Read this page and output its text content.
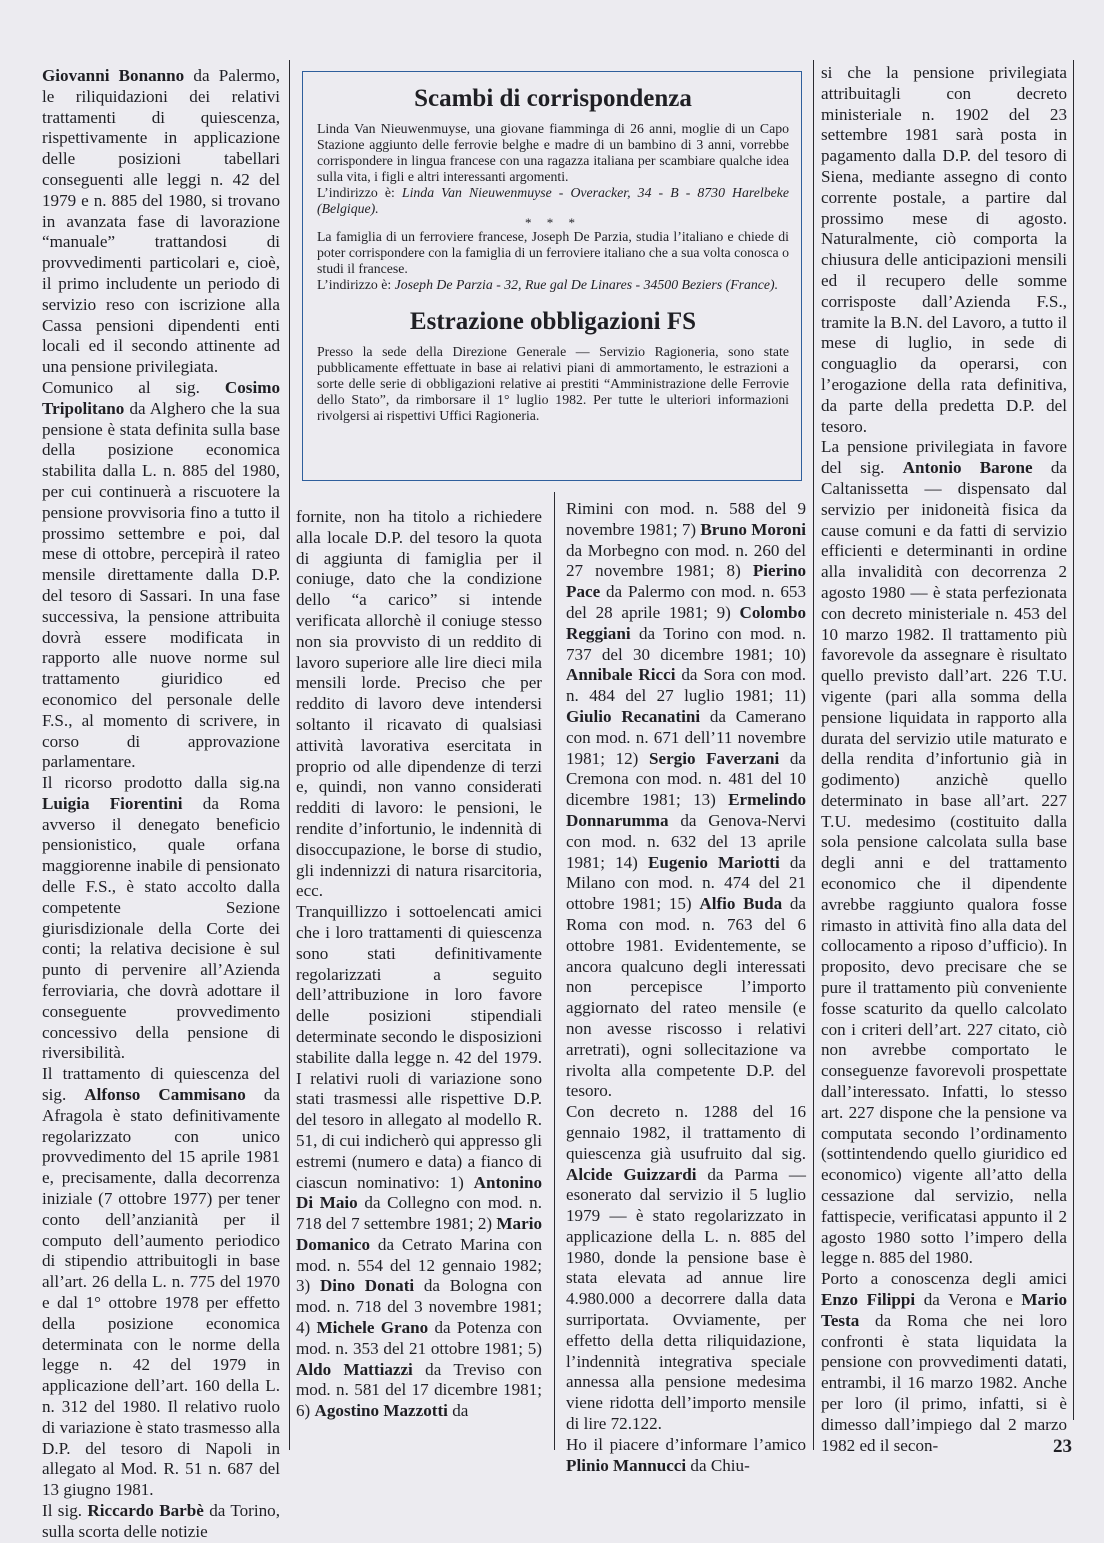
Giovanni Bonanno da Palermo, le riliquidazioni dei relativi trattamenti di quiescenza, rispettivamente in applicazione delle posizioni tabellari conseguenti alle leggi n. 42 del 1979 e n. 885 del 1980, si trovano in avanzata fase di lavorazione “manuale” trattandosi di provvedimenti particolari e, cioè, il primo includente un periodo di servizio reso con iscrizione alla Cassa pensioni dipendenti enti locali ed il secondo attinente ad una pensione privilegiata.

Comunico al sig. Cosimo Tripolitano da Alghero che la sua pensione è stata definita sulla base della posizione economica stabilita dalla L. n. 885 del 1980, per cui continuerà a riscuotere la pensione provvisoria fino a tutto il prossimo settembre e poi, dal mese di ottobre, percepirà il rateo mensile direttamente dalla D.P. del tesoro di Sassari. In una fase successiva, la pensione attribuita dovrà essere modificata in rapporto alle nuove norme sul trattamento giuridico ed economico del personale delle F.S., al momento di scrivere, in corso di approvazione parlamentare.

Il ricorso prodotto dalla sig.na Luigia Fiorentini da Roma avverso il denegato beneficio pensionistico, quale orfana maggiorenne inabile di pensionato delle F.S., è stato accolto dalla competente Sezione giurisdizionale della Corte dei conti; la relativa decisione è sul punto di pervenire all’Azienda ferroviaria, che dovrà adottare il conseguente provvedimento concessivo della pensione di riversibilità.

Il trattamento di quiescenza del sig. Alfonso Cammisano da Afragola è stato definitivamente regolarizzato con unico provvedimento del 15 aprile 1981 e, precisamente, dalla decorrenza iniziale (7 ottobre 1977) per tener conto dell’anzianità per il computo dell’aumento periodico di stipendio attribuitogli in base all’art. 26 della L. n. 775 del 1970 e dal 1° ottobre 1978 per effetto della posizione economica determinata con le norme della legge n. 42 del 1979 in applicazione dell’art. 160 della L. n. 312 del 1980. Il relativo ruolo di variazione è stato trasmesso alla D.P. del tesoro di Napoli in allegato al Mod. R. 51 n. 687 del 13 giugno 1981.

Il sig. Riccardo Barbè da Torino, sulla scorta delle notizie

Scambi di corrispondenza

Linda Van Nieuwenmuyse, una giovane fiamminga di 26 anni, moglie di un Capo Stazione aggiunto delle ferrovie belghe e madre di un bambino di 3 anni, vorrebbe corrispondere in lingua francese con una ragazza italiana per scambiare qualche idea sulla vita, i figli e altri interessanti argomenti.

L’indirizzo è: Linda Van Nieuwenmuyse - Overacker, 34 - B - 8730 Harelbeke (Belgique).

* * *

La famiglia di un ferroviere francese, Joseph De Parzia, studia l’italiano e chiede di poter corrispondere con la famiglia di un ferroviere italiano che a sua volta conosca o studi il francese.

L’indirizzo è: Joseph De Parzia - 32, Rue gal De Linares - 34500 Beziers (France).

Estrazione obbligazioni FS

Presso la sede della Direzione Generale — Servizio Ragioneria, sono state pubblicamente effettuate in base ai relativi piani di ammortamento, le estrazioni a sorte delle serie di obbligazioni relative ai prestiti “Amministrazione delle Ferrovie dello Stato”, da rimborsare il 1° luglio 1982. Per tutte le ulteriori informazioni rivolgersi ai rispettivi Uffici Ragioneria.

fornite, non ha titolo a richiedere alla locale D.P. del tesoro la quota di aggiunta di famiglia per il coniuge, dato che la condizione dello “a carico” si intende verificata allorchè il coniuge stesso non sia provvisto di un reddito di lavoro superiore alle lire dieci mila mensili lorde. Preciso che per reddito di lavoro deve intendersi soltanto il ricavato di qualsiasi attività lavorativa esercitata in proprio od alle dipendenze di terzi e, quindi, non vanno considerati redditi di lavoro: le pensioni, le rendite d’infortunio, le indennità di disoccupazione, le borse di studio, gli indennizzi di natura risarcitoria, ecc.

Tranquillizzo i sottoelencati amici che i loro trattamenti di quiescenza sono stati definitivamente regolarizzati a seguito dell’attribuzione in loro favore delle posizioni stipendiali determinate secondo le disposizioni stabilite dalla legge n. 42 del 1979. I relativi ruoli di variazione sono stati trasmessi alle rispettive D.P. del tesoro in allegato al modello R. 51, di cui indicherò qui appresso gli estremi (numero e data) a fianco di ciascun nominativo: 1) Antonino Di Maio da Collegno con mod. n. 718 del 7 settembre 1981; 2) Mario Domanico da Cetrato Marina con mod. n. 554 del 12 gennaio 1982; 3) Dino Donati da Bologna con mod. n. 718 del 3 novembre 1981; 4) Michele Grano da Potenza con mod. n. 353 del 21 ottobre 1981; 5) Aldo Mattiazzi da Treviso con mod. n. 581 del 17 dicembre 1981; 6) Agostino Mazzotti da

Rimini con mod. n. 588 del 9 novembre 1981; 7) Bruno Moroni da Morbegno con mod. n. 260 del 27 novembre 1981; 8) Pierino Pace da Palermo con mod. n. 653 del 28 aprile 1981; 9) Colombo Reggiani da Torino con mod. n. 737 del 30 dicembre 1981; 10) Annibale Ricci da Sora con mod. n. 484 del 27 luglio 1981; 11) Giulio Recanatini da Camerano con mod. n. 671 dell’11 novembre 1981; 12) Sergio Faverzani da Cremona con mod. n. 481 del 10 dicembre 1981; 13) Ermelindo Donnarumma da Genova-Nervi con mod. n. 632 del 13 aprile 1981; 14) Eugenio Mariotti da Milano con mod. n. 474 del 21 ottobre 1981; 15) Alfio Buda da Roma con mod. n. 763 del 6 ottobre 1981. Evidentemente, se ancora qualcuno degli interessati non percepisce l’importo aggiornato del rateo mensile (e non avesse riscosso i relativi arretrati), ogni sollecitazione va rivolta alla competente D.P. del tesoro.

Con decreto n. 1288 del 16 gennaio 1982, il trattamento di quiescenza già usufruito dal sig. Alcide Guizzardi da Parma — esonerato dal servizio il 5 luglio 1979 — è stato regolarizzato in applicazione della L. n. 885 del 1980, donde la pensione base è stata elevata ad annue lire 4.980.000 a decorrere dalla data surriportata. Ovviamente, per effetto della detta riliquidazione, l’indennità integrativa speciale annessa alla pensione medesima viene ridotta dell’importo mensile di lire 72.122.

Ho il piacere d’informare l’amico Plinio Mannucci da Chiu-

si che la pensione privilegiata attribuitagli con decreto ministeriale n. 1902 del 23 settembre 1981 sarà posta in pagamento dalla D.P. del tesoro di Siena, mediante assegno di conto corrente postale, a partire dal prossimo mese di agosto. Naturalmente, ciò comporta la chiusura delle anticipazioni mensili ed il recupero delle somme corrisposte dall’Azienda F.S., tramite la B.N. del Lavoro, a tutto il mese di luglio, in sede di conguaglio da operarsi, con l’erogazione della rata definitiva, da parte della predetta D.P. del tesoro.

La pensione privilegiata in favore del sig. Antonio Barone da Caltanissetta — dispensato dal servizio per inidoneità fisica da cause comuni e da fatti di servizio efficienti e determinanti in ordine alla invalidità con decorrenza 2 agosto 1980 — è stata perfezionata con decreto ministeriale n. 453 del 10 marzo 1982. Il trattamento più favorevole da assegnare è risultato quello previsto dall’art. 226 T.U. vigente (pari alla somma della pensione liquidata in rapporto alla durata del servizio utile maturato e della rendita d’infortunio già in godimento) anzichè quello determinato in base all’art. 227 T.U. medesimo (costituito dalla sola pensione calcolata sulla base degli anni e del trattamento economico che il dipendente avrebbe raggiunto qualora fosse rimasto in attività fino alla data del collocamento a riposo d’ufficio). In proposito, devo precisare che se pure il trattamento più conveniente fosse scaturito da quello calcolato con i criteri dell’art. 227 citato, ciò non avrebbe comportato le conseguenze favorevoli prospettate dall’interessato. Infatti, lo stesso art. 227 dispone che la pensione va computata secondo l’ordinamento (sottintendendo quello giuridico ed economico) vigente all’atto della cessazione dal servizio, nella fattispecie, verificatasi appunto il 2 agosto 1980 sotto l’impero della legge n. 885 del 1980.

Porto a conoscenza degli amici Enzo Filippi da Verona e Mario Testa da Roma che nei loro confronti è stata liquidata la pensione con provvedimenti datati, entrambi, il 16 marzo 1982. Anche per loro (il primo, infatti, si è dimesso dall’impiego dal 2 marzo 1982 ed il secon-	23
